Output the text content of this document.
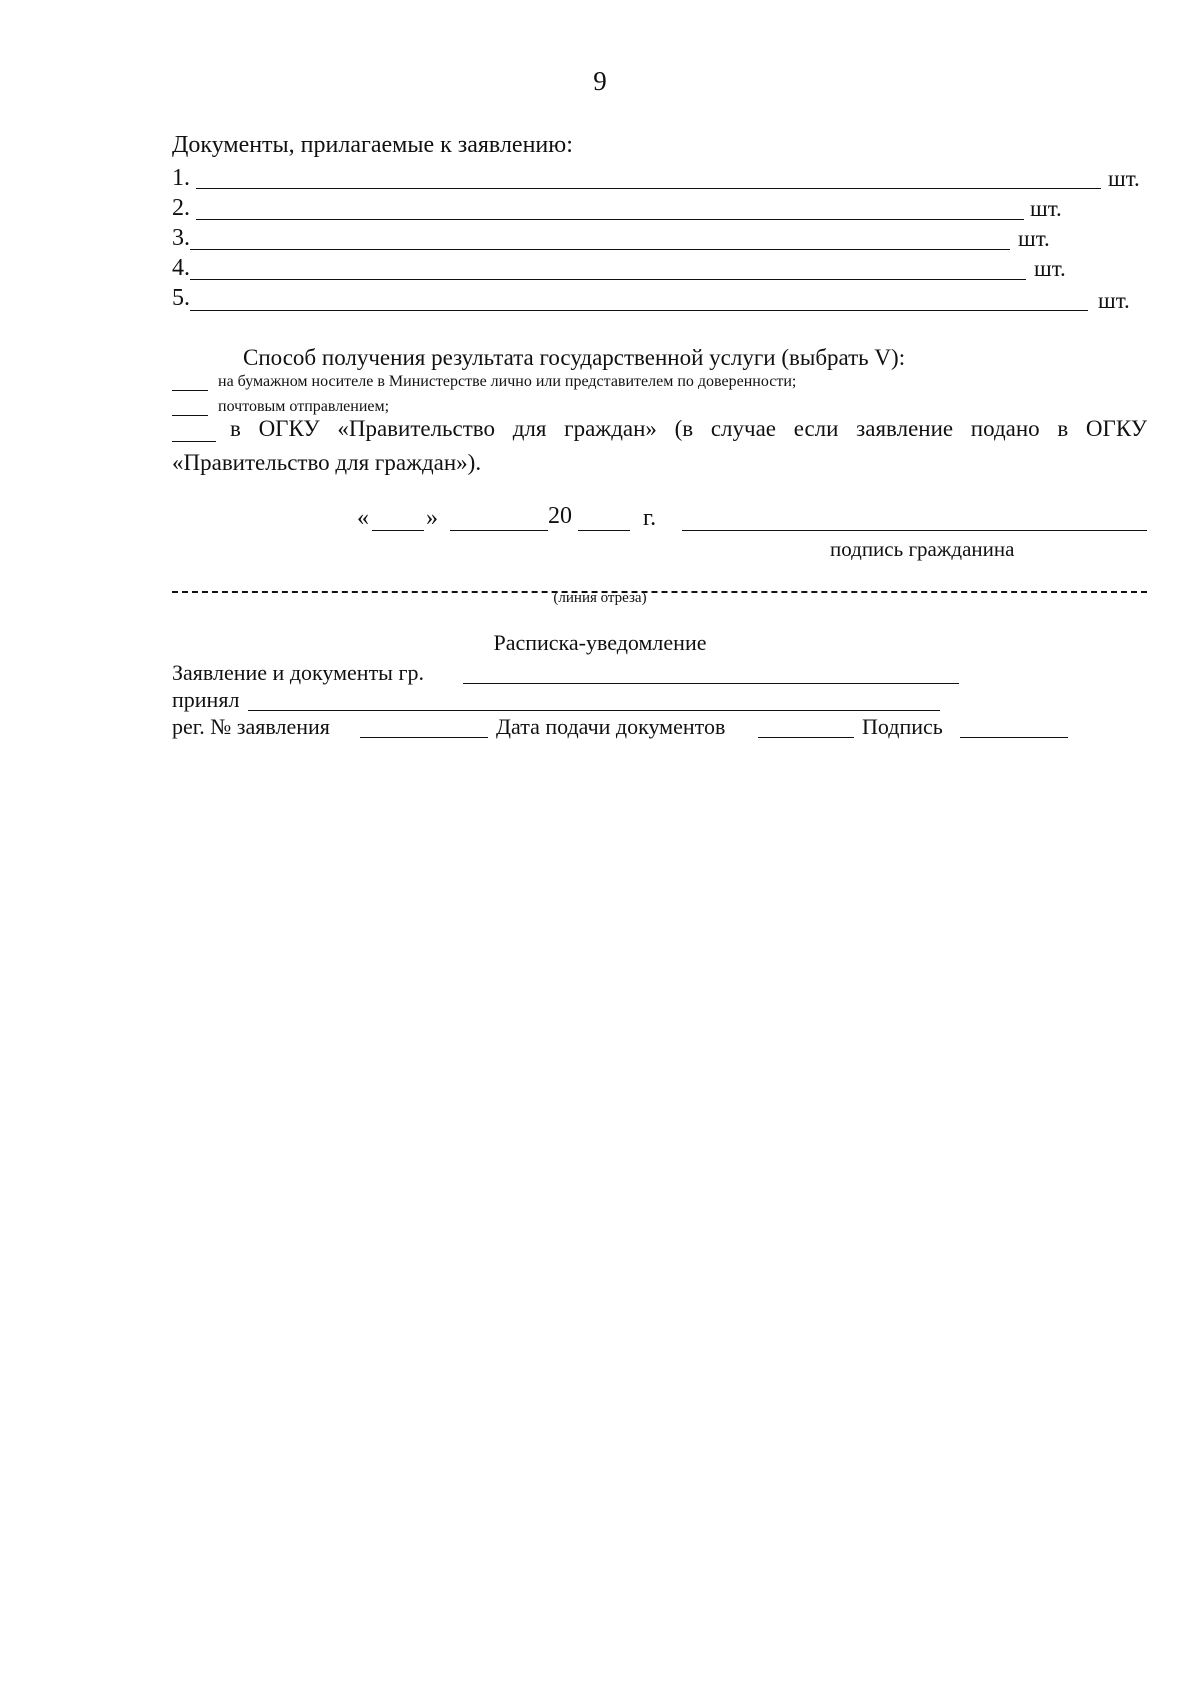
9
Документы, прилагаемые к заявлению:
1.	шт.
2.	шт.
3.	шт.
4.	шт.
5.	шт.
Способ получения результата государственной услуги (выбрать V):
на бумажном носителе в Министерстве лично или представителем по доверенности;
почтовым отправлением;
в ОГКУ «Правительство для граждан» (в случае если заявление подано в ОГКУ
«Правительство для граждан»).
« »	20	г.
подпись гражданина
(линия отреза)
Расписка-уведомление
Заявление и документы гр.
принял
рег. № заявления	Дата подачи документов	Подпись
